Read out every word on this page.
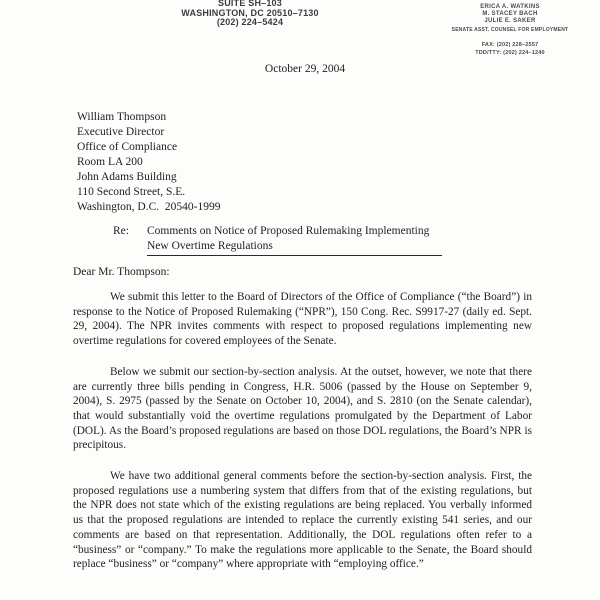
SUITE SH–103
WASHINGTON, DC 20510–7130
(202) 224–5424
ERICA A. WATKINS
M. STACEY BACH
JULIE E. SAKER
SENATE ASST. COUNSEL FOR EMPLOYMENT
FAX: (202) 228–2557
TDD/TTY: (202) 224–1240
October 29, 2004
William Thompson
Executive Director
Office of Compliance
Room LA 200
John Adams Building
110 Second Street, S.E.
Washington, D.C.  20540-1999
Re:	Comments on Notice of Proposed Rulemaking Implementing
New Overtime Regulations
Dear Mr. Thompson:

We submit this letter to the Board of Directors of the Office of Compliance (“the Board”) in response to the Notice of Proposed Rulemaking (“NPR”), 150 Cong. Rec. S9917-27 (daily ed. Sept. 29, 2004). The NPR invites comments with respect to proposed regulations implementing new overtime regulations for covered employees of the Senate.

Below we submit our section-by-section analysis. At the outset, however, we note that there are currently three bills pending in Congress, H.R. 5006 (passed by the House on September 9, 2004), S. 2975 (passed by the Senate on October 10, 2004), and S. 2810 (on the Senate calendar), that would substantially void the overtime regulations promulgated by the Department of Labor (DOL). As the Board’s proposed regulations are based on those DOL regulations, the Board’s NPR is precipitous.

We have two additional general comments before the section-by-section analysis. First, the proposed regulations use a numbering system that differs from that of the existing regulations, but the NPR does not state which of the existing regulations are being replaced. You verbally informed us that the proposed regulations are intended to replace the currently existing 541 series, and our comments are based on that representation. Additionally, the DOL regulations often refer to a “business” or “company.” To make the regulations more applicable to the Senate, the Board should replace “business” or “company” where appropriate with “employing office.”
